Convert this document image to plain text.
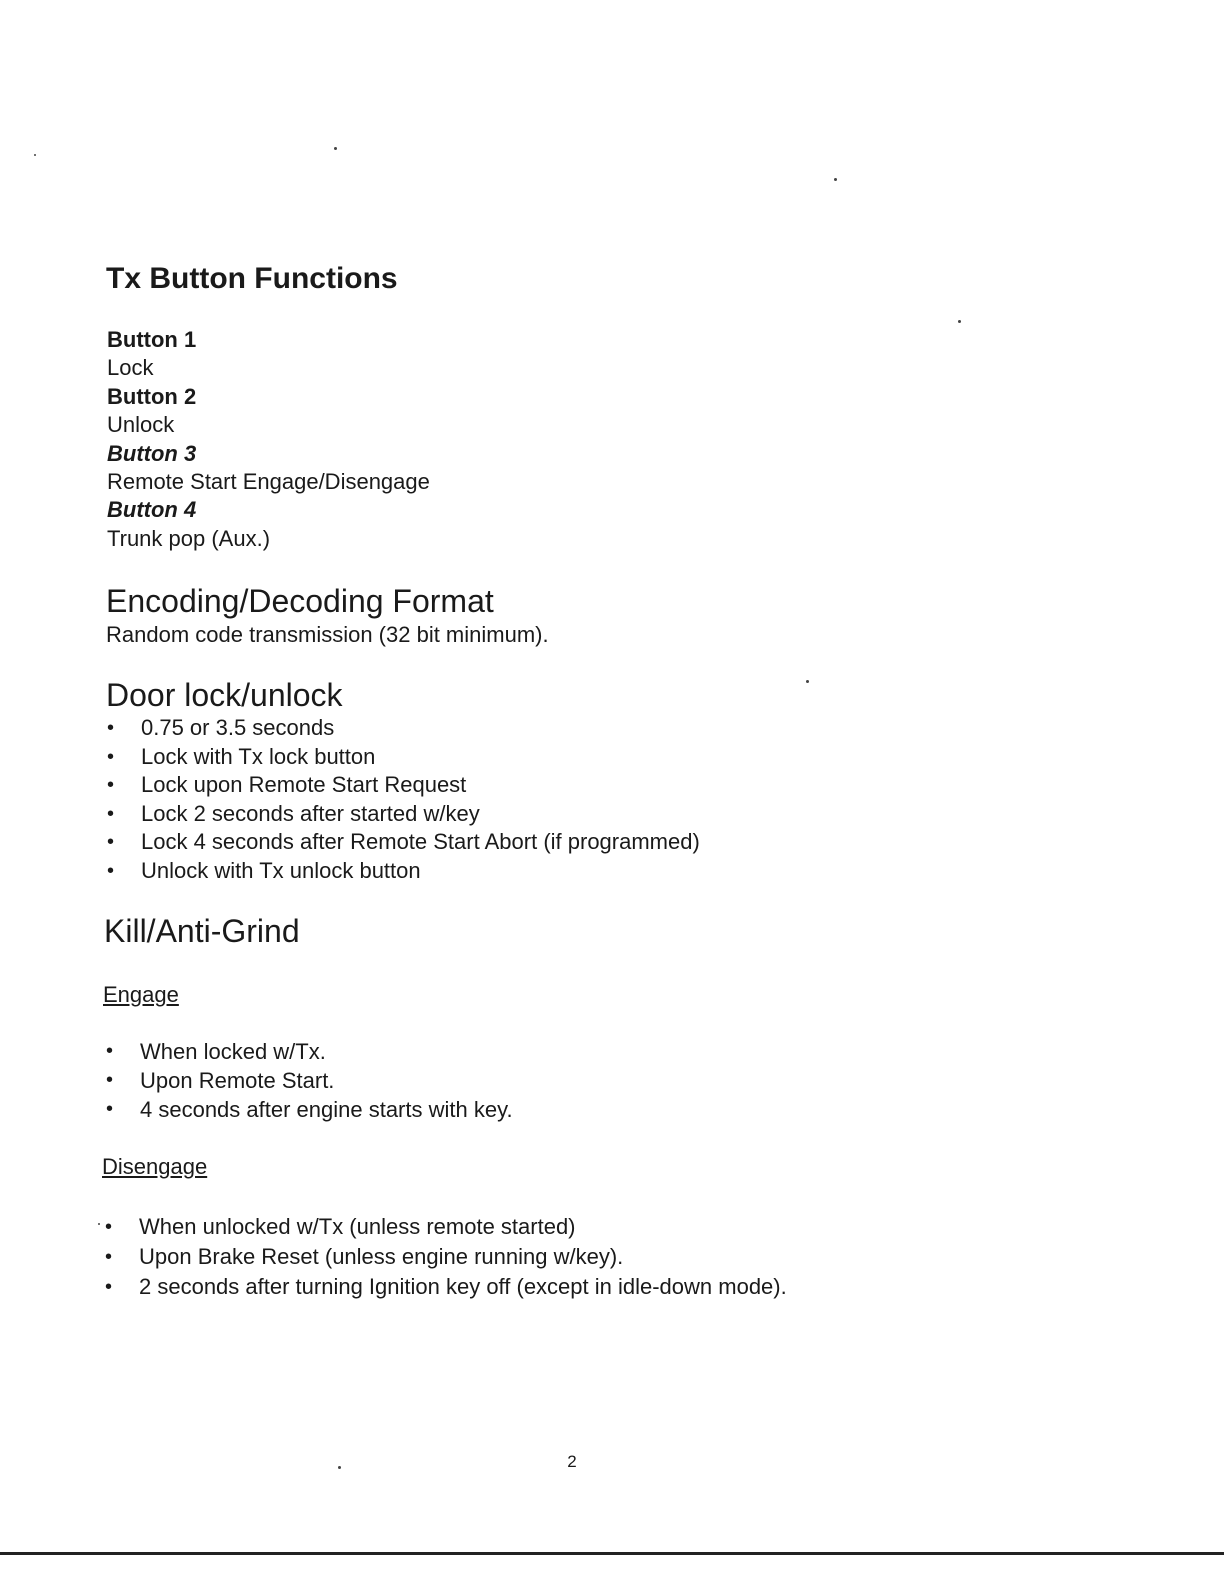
Tx Button Functions
Button 1
Lock
Button 2
Unlock
Button 3
Remote Start Engage/Disengage
Button 4
Trunk pop (Aux.)
Encoding/Decoding Format

Random code transmission (32 bit minimum).

Door lock/unlock
• 0.75 or 3.5 seconds
• Lock with Tx lock button
• Lock upon Remote Start Request
• Lock 2 seconds after started w/key
• Lock 4 seconds after Remote Start Abort (if programmed)
• Unlock with Tx unlock button
Kill/Anti-Grind

Engage

• When locked w/Tx.
• Upon Remote Start.
• 4 seconds after engine starts with key.

Disengage

• When unlocked w/Tx (unless remote started)
• Upon Brake Reset (unless engine running w/key).
• 2 seconds after turning Ignition key off (except in idle-down mode).
2
